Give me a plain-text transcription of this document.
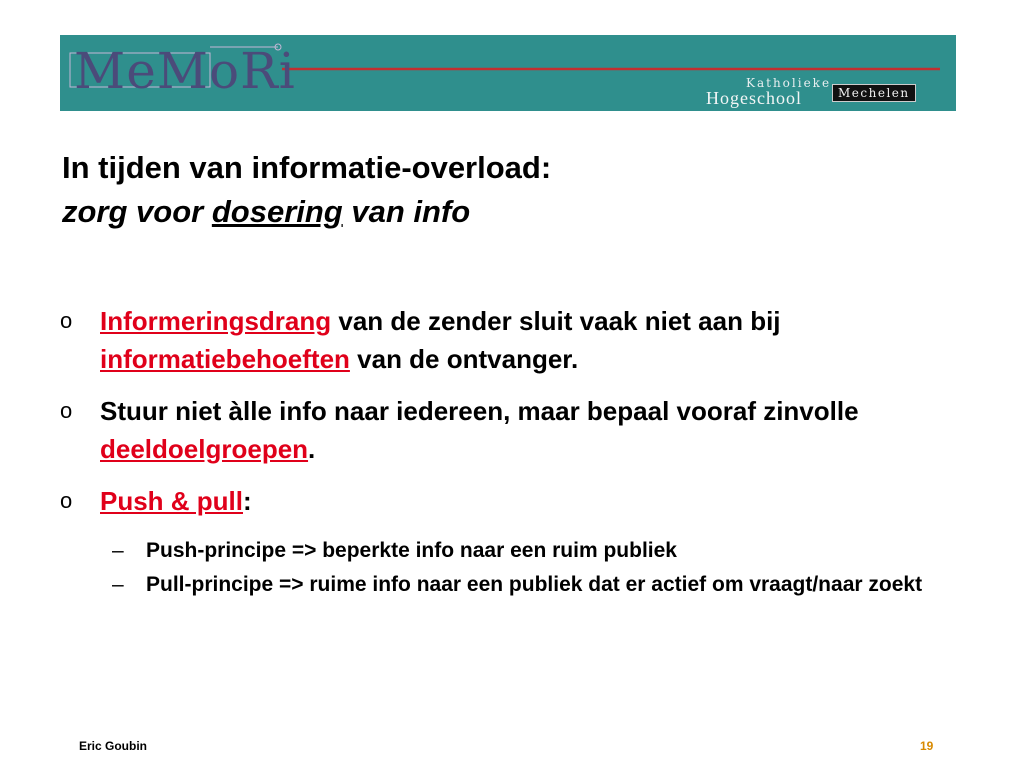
MeMoRi	Katholieke
Hogeschool	Mechelen
In tijden van informatie-overload:
zorg voor dosering van info
o Informeringsdrang van de zender sluit vaak niet aan bij informatiebehoeften van de ontvanger.
o Stuur niet àlle info naar iedereen, maar bepaal vooraf zinvolle deeldoelgroepen.
o Push & pull:
– Push-principe => beperkte info naar een ruim publiek
– Pull-principe => ruime info naar een publiek dat er actief om vraagt/naar zoekt
Eric Goubin	19
